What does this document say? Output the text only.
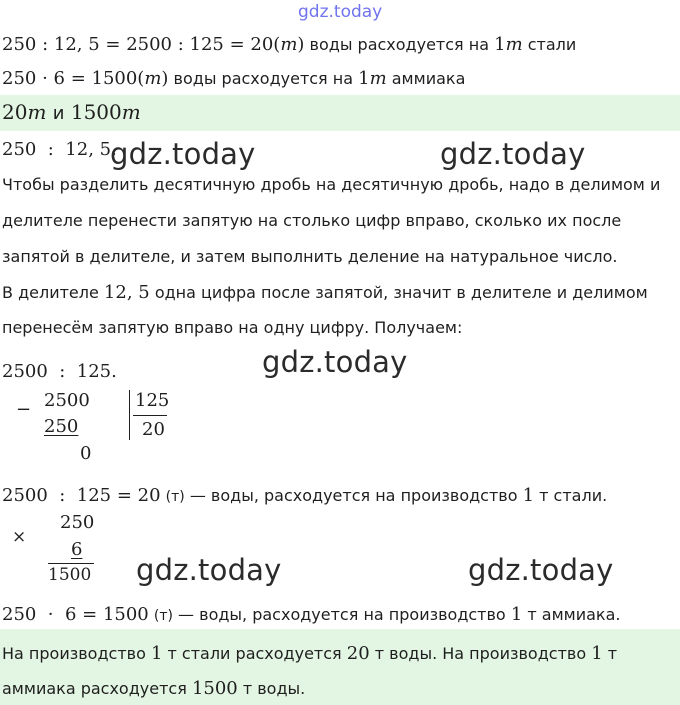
gdz.today
250 : 12, 5 = 2500 : 125 = 20(m) воды расходуется на 1m стали
250 · 6 = 1500(m) воды расходуется на 1m аммиака
20m и 1500m
250  :  12, 5.
gdz.today	gdz.today
gdz.today
gdz.today	gdz.today
Чтобы разделить десятичную дробь на десятичную дробь, надо в делимом и
делителе перенести запятую на столько цифр вправо, сколько их после
запятой в делителе, и затем выполнить деление на натуральное число.
В делителе 12, 5 одна цифра после запятой, значит в делителе и делимом
перенесём запятую вправо на одну цифру. Получаем:
2500  :  125.
− 2500
250
0
125
20
2500  :  125 = 20 (т) — воды, расходуется на производство 1 т стали.
×
250
6
1500
250  ·  6 = 1500 (т) — воды, расходуется на производство 1 т аммиака.
На производство 1 т стали расходуется 20 т воды. На производство 1 т
аммиака расходуется 1500 т воды.
